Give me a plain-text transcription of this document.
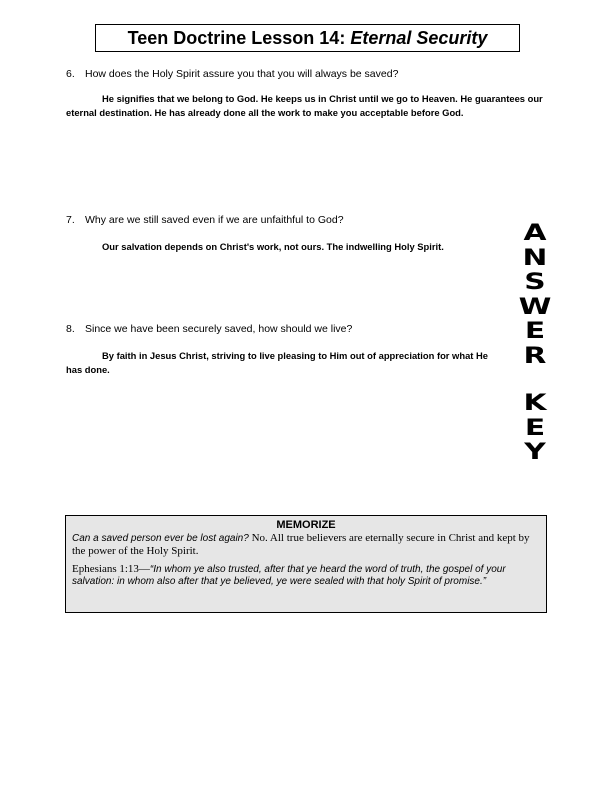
Teen Doctrine Lesson 14: Eternal Security
6. How does the Holy Spirit assure you that you will always be saved?
He signifies that we belong to God. He keeps us in Christ until we go to Heaven. He guarantees our eternal destination. He has already done all the work to make you acceptable before God.
7. Why are we still saved even if we are unfaithful to God?
Our salvation depends on Christ's work, not ours. The indwelling Holy Spirit.
8. Since we have been securely saved, how should we live?
By faith in Jesus Christ, striving to live pleasing to Him out of appreciation for what He has done.
A
N
S
W
E
R
K
E
Y
MEMORIZE

Can a saved person ever be lost again? No. All true believers are eternally secure in Christ and kept by the power of the Holy Spirit.

Ephesians 1:13—“In whom ye also trusted, after that ye heard the word of truth, the gospel of your salvation: in whom also after that ye believed, ye were sealed with that holy Spirit of promise.”
